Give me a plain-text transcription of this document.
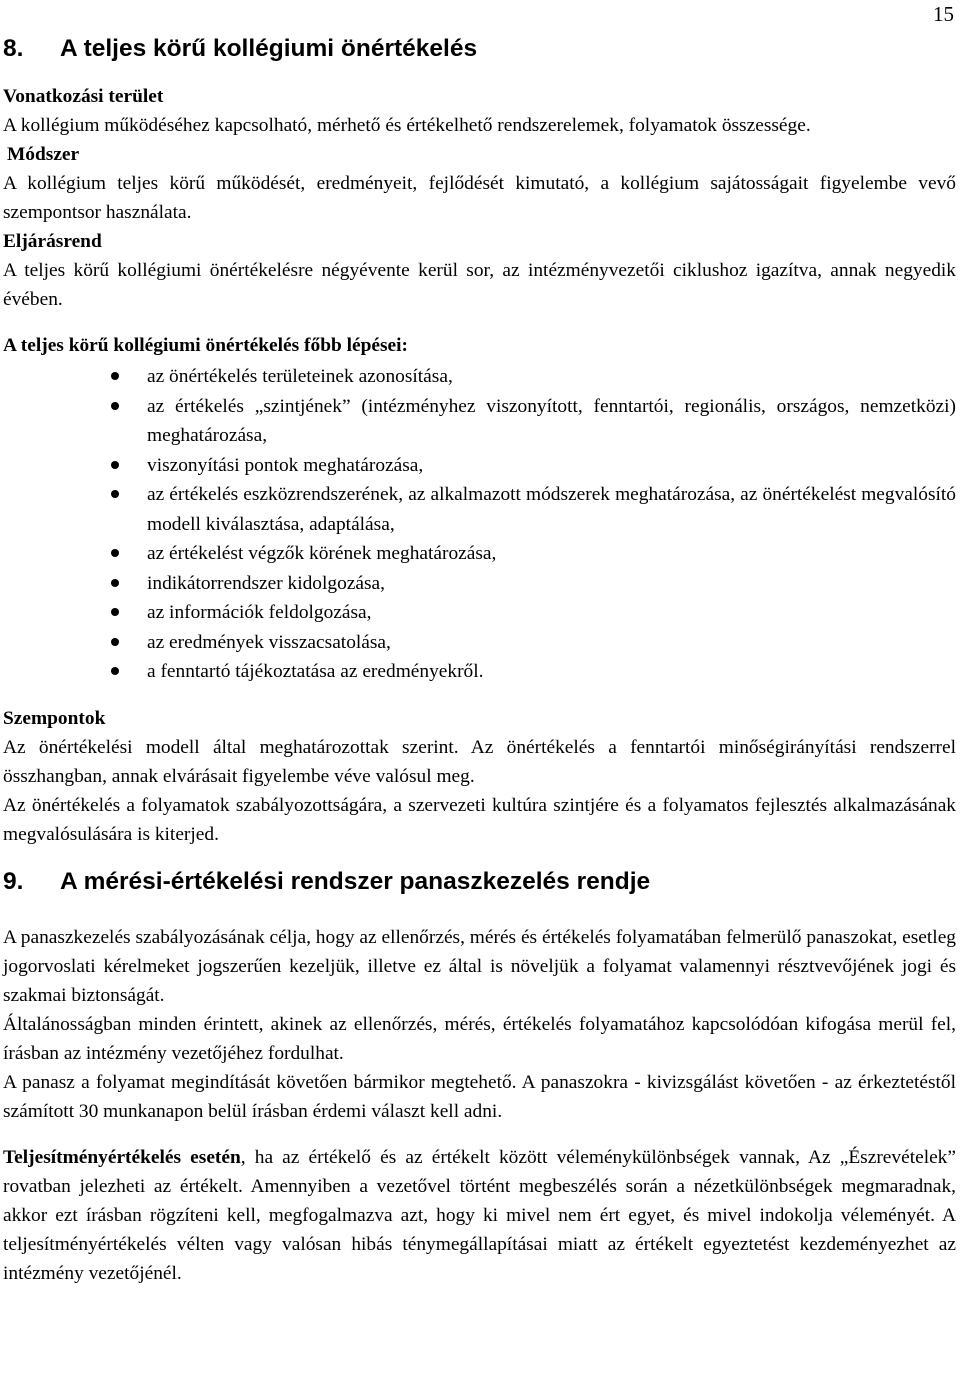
15
8. A teljes körű kollégiumi önértékelés

Vonatkozási terület

A kollégium működéséhez kapcsolható, mérhető és értékelhető rendszerelemek, folyamatok összessége.

Módszer

A kollégium teljes körű működését, eredményeit, fejlődését kimutató, a kollégium sajátosságait figyelembe vevő szempontsor használata.

Eljárásrend

A teljes körű kollégiumi önértékelésre négyévente kerül sor, az intézményvezetői ciklushoz igazítva, annak negyedik évében.

A teljes körű kollégiumi önértékelés főbb lépései:

az önértékelés területeinek azonosítása,
az értékelés „szintjének” (intézményhez viszonyított, fenntartói, regionális, országos, nemzetközi) meghatározása,
viszonyítási pontok meghatározása,
az értékelés eszközrendszerének, az alkalmazott módszerek meghatározása, az önértékelést megvalósító modell kiválasztása, adaptálása,
az értékelést végzők körének meghatározása,
indikátorrendszer kidolgozása,
az információk feldolgozása,
az eredmények visszacsatolása,
a fenntartó tájékoztatása az eredményekről.

Szempontok

Az önértékelési modell által meghatározottak szerint. Az önértékelés a fenntartói minőségirányítási rendszerrel összhangban, annak elvárásait figyelembe véve valósul meg.

Az önértékelés a folyamatok szabályozottságára, a szervezeti kultúra szintjére és a folyamatos fejlesztés alkalmazásának megvalósulására is kiterjed.

9. A mérési-értékelési rendszer panaszkezelés rendje

A panaszkezelés szabályozásának célja, hogy az ellenőrzés, mérés és értékelés folyamatában felmerülő panaszokat, esetleg jogorvoslati kérelmeket jogszerűen kezeljük, illetve ez által is növeljük a folyamat valamennyi résztvevőjének jogi és szakmai biztonságát.

Általánosságban minden érintett, akinek az ellenőrzés, mérés, értékelés folyamatához kapcsolódóan kifogása merül fel, írásban az intézmény vezetőjéhez fordulhat.

A panasz a folyamat megindítását követően bármikor megtehető. A panaszokra - kivizsgálást követően - az érkeztetéstől számított 30 munkanapon belül írásban érdemi választ kell adni.

Teljesítményértékelés esetén, ha az értékelő és az értékelt között véleménykülönbségek vannak, Az „Észrevételek” rovatban jelezheti az értékelt. Amennyiben a vezetővel történt megbeszélés során a nézetkülönbségek megmaradnak, akkor ezt írásban rögzíteni kell, megfogalmazva azt, hogy ki mivel nem ért egyet, és mivel indokolja véleményét. A teljesítményértékelés vélten vagy valósan hibás ténymegállapításai miatt az értékelt egyeztetést kezdeményezhet az intézmény vezetőjénél.
